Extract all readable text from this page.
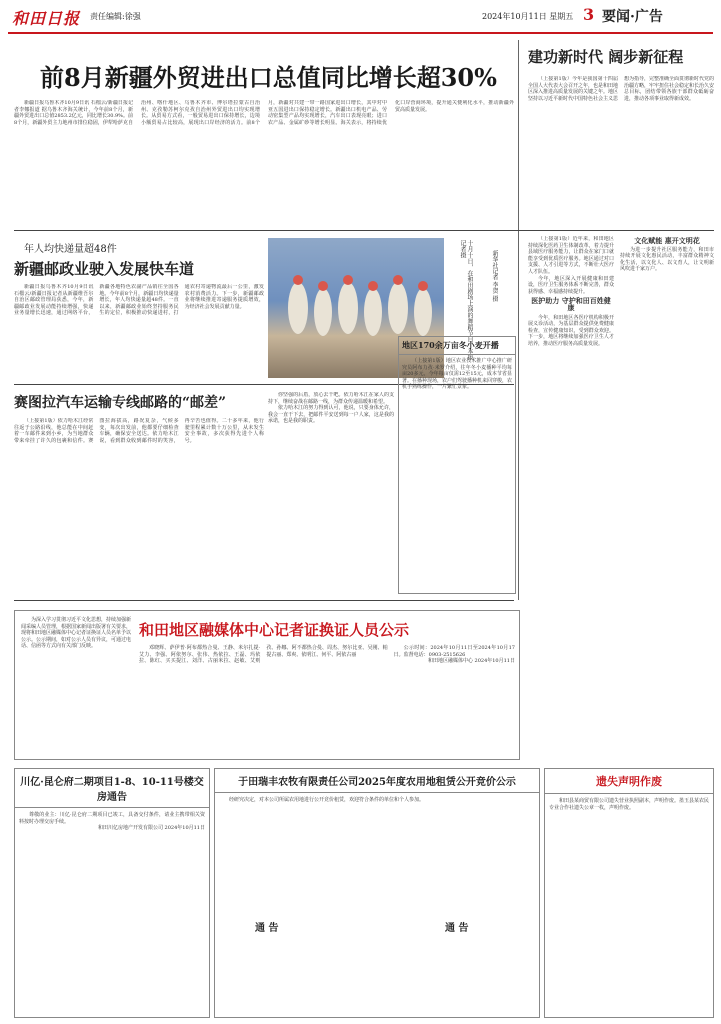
和田日报 责任编辑:徐强	2024年10月11日 星期五 3 要闻·广告
前8月新疆外贸进出口总值同比增长超30%

新疆日报乌鲁木齐10月9日讯 石榴云/新疆日报记者李娜报道 据乌鲁木齐海关统计，今年前8个月，新疆外贸进出口总值2853.2亿元，同比增长30.9%。前8个月，新疆外贸主力地州市排位稳固，伊犁哈萨克自治州、喀什地区、乌鲁木齐市、博尔塔拉蒙古自治州、克孜勒苏柯尔克孜自治州外贸进出口均实现增长。从贸易方式看，一般贸易进出口保持增长，边境小额贸易占比较高，展现出口岸经济的活力。前8个月，新疆对共建一带一路国家进出口增长，其中对中亚五国进出口保持稳定增长。新疆出口机电产品、劳动密集型产品均实现增长，汽车出口表现亮眼；进口农产品、金属矿砂等增长明显。海关表示，将持续优化口岸营商环境，提升通关便利化水平，推动新疆外贸高质量发展。

建功新时代 阔步新征程

（上接第1版）今年是我国第十四届全国人大代表大会召开之年，也是和田地区深入推进高质量发展的关键之年。地区坚持以习近平新时代中国特色社会主义思想为指导，完整准确全面贯彻新时代党的治疆方略，牢牢扭住社会稳定和长治久安总目标，团结带领各族干部群众砥砺奋进，推动各项事业取得新成效。

年人均快递量超48件
新疆邮政业驶入发展快车道

新疆日报乌鲁木齐10月9日讯 石榴云/新疆日报记者从新疆维吾尔自治区邮政管理局获悉，今年，新疆邮政业发展动能持续增强，快递业务量增长迅速，通过网络平台，新疆各地特色农副产品销往全国各地。今年前8个月，新疆日均快递量增长，年人均快递量超48件。一直以来，新疆邮政业始终坚持服务民生的定位，积极推动快递进村，打通农村寄递物流最后一公里，激发农村消费活力。下一步，新疆邮政业将继续推进寄递服务提质增效，为经济社会发展贡献力量。	十月十日，在和田剧场上演的舞蹈节目。本报记者摄
新华社记者 李贺 摄

（上接第1版）近年来，和田地区持续深化医药卫生体制改革，着力提升县域医疗服务能力，让群众在家门口就能享受到优质医疗服务。地区通过对口支援、人才引进等方式，不断壮大医疗人才队伍。

今年，地区深入开展健康和田建设，医疗卫生服务体系不断完善，群众获得感、幸福感持续提升。

医护助力 守护和田百姓健康

今年，和田地区各医疗机构积极开展义诊活动，为基层群众提供免费健康检查，宣传健康知识，受到群众欢迎。下一步，地区将继续加强医疗卫生人才培养，推动医疗服务高质量发展。

文化赋能 惠开文明花

为进一步提升社区服务能力，和田市持续开展文化惠民活动，丰富群众精神文化生活，以文化人、以文育人，让文明新风吹进千家万户。

赛图拉汽车运输专线邮路的“邮差”

（上接第1版）依力哈木江经常往返于公路沿线，他总能在中间赶着一车邮件来到小乡，为当地群众带来牵挂了许久的包裹和信件。赛图拉海拔高，路况复杂，气候多变，每次出发前，他都要仔细检查车辆，确保安全送达。依力哈木江说，看到群众收到邮件时的笑容，再辛苦也值得。二十多年来，他行驶里程累计数十万公里，从未发生安全事故，多次获得先进个人称号。

你坚强的后盾，放心去干吧。依力哈木江在家人的支持下，继续奋战在邮路一线，为群众传递温暖和希望。

依力哈木江的努力得到认可，他说，只要身体允许，我会一直干下去，把邮件平安送到每一户人家，这是我的承诺，也是我的职责。

地区170余万亩冬小麦开播

（上接第1版）地区农业技术推广中心推广研究员阿布力孜·米罗介绍，往年冬小麦播种平均每亩20多元，今年每亩仅需12至15元，成本节省显著。在播种现场，农户们驾驶播种机来回穿梭，农机手熟练操作，一片繁忙景象。

和田地区融媒体中心记者证换证人员公示

为深入学习贯彻习近平文化思想，持续加强新闻采编人员管理，根据国家新闻出版署有关要求，现将和田地区融媒体中心记者证换证人员名单予以公示。公示期间，如对公示人员有异议，可通过电话、信函等方式向有关部门反映。	邓晓辉、萨伊普·阿布都热合曼、王静、米尔扎提·艾力、李强、阿依努尔、张伟、热依拉、王磊、玛依拉、陈红、买买提江、刘洋、古丽米拉、赵敏、艾则孜、孙娜、阿不都热合曼、周杰、努尔比亚、吴刚、帕提古丽、郑爽、依明江、何平、阿依古丽

公示时间：2024年10月11日至2024年10月17日。监督电话：0903-2515626

和田地区融媒体中心 2024年10月11日

川亿·昆仑府二期项目1-8、10-11号楼交房通告

尊敬的业主：川亿·昆仑府二期项目已竣工，具备交付条件，请业主携带相关资料按时办理交房手续。

和田川亿房地产开发有限公司 2024年10月11日

于田瑞丰农牧有限责任公司2025年度农用地租赁公开竞价公示

经研究决定，对本公司所属农用地进行公开竞价租赁，欢迎符合条件的单位和个人参加。

通 告	通 告
遗失声明作废

和田县某商贸有限公司遗失营业执照副本，声明作废。墨玉县某农民专业合作社遗失公章一枚，声明作废。
